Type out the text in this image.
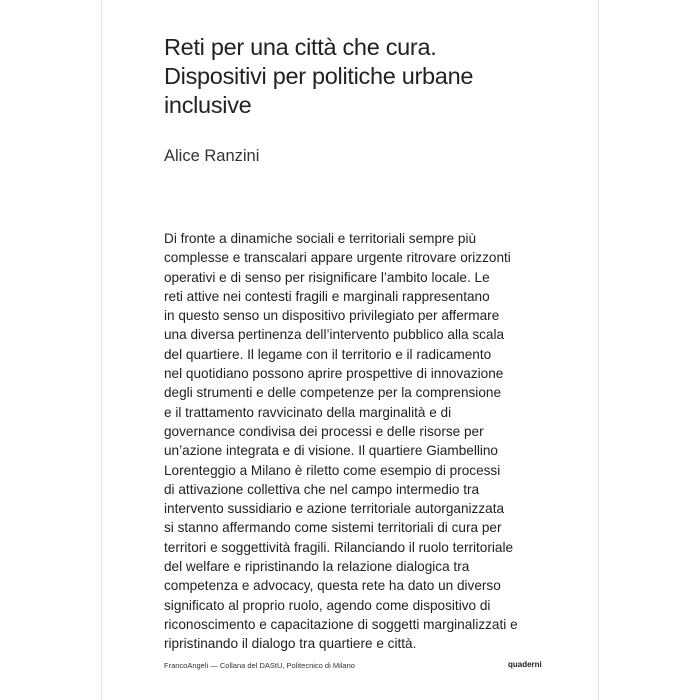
Reti per una città che cura.
Dispositivi per politiche urbane
inclusive

Alice Ranzini

Di fronte a dinamiche sociali e territoriali sempre più
complesse e transcalari appare urgente ritrovare orizzonti
operativi e di senso per risignificare l’ambito locale. Le
reti attive nei contesti fragili e marginali rappresentano
in questo senso un dispositivo privilegiato per affermare
una diversa pertinenza dell’intervento pubblico alla scala
del quartiere. Il legame con il territorio e il radicamento
nel quotidiano possono aprire prospettive di innovazione
degli strumenti e delle competenze per la comprensione
e il trattamento ravvicinato della marginalità e di
governance condivisa dei processi e delle risorse per
un’azione integrata e di visione. Il quartiere Giambellino
Lorenteggio a Milano è riletto come esempio di processi
di attivazione collettiva che nel campo intermedio tra
intervento sussidiario e azione territoriale autorganizzata
si stanno affermando come sistemi territoriali di cura per
territori e soggettività fragili. Rilanciando il ruolo territoriale
del welfare e ripristinando la relazione dialogica tra
competenza e advocacy, questa rete ha dato un diverso
significato al proprio ruolo, agendo come dispositivo di
riconoscimento e capacitazione di soggetti marginalizzati e
ripristinando il dialogo tra quartiere e città.
FrancoAngeli — Collana del DAStU, Politecnico di Milano	quaderni
